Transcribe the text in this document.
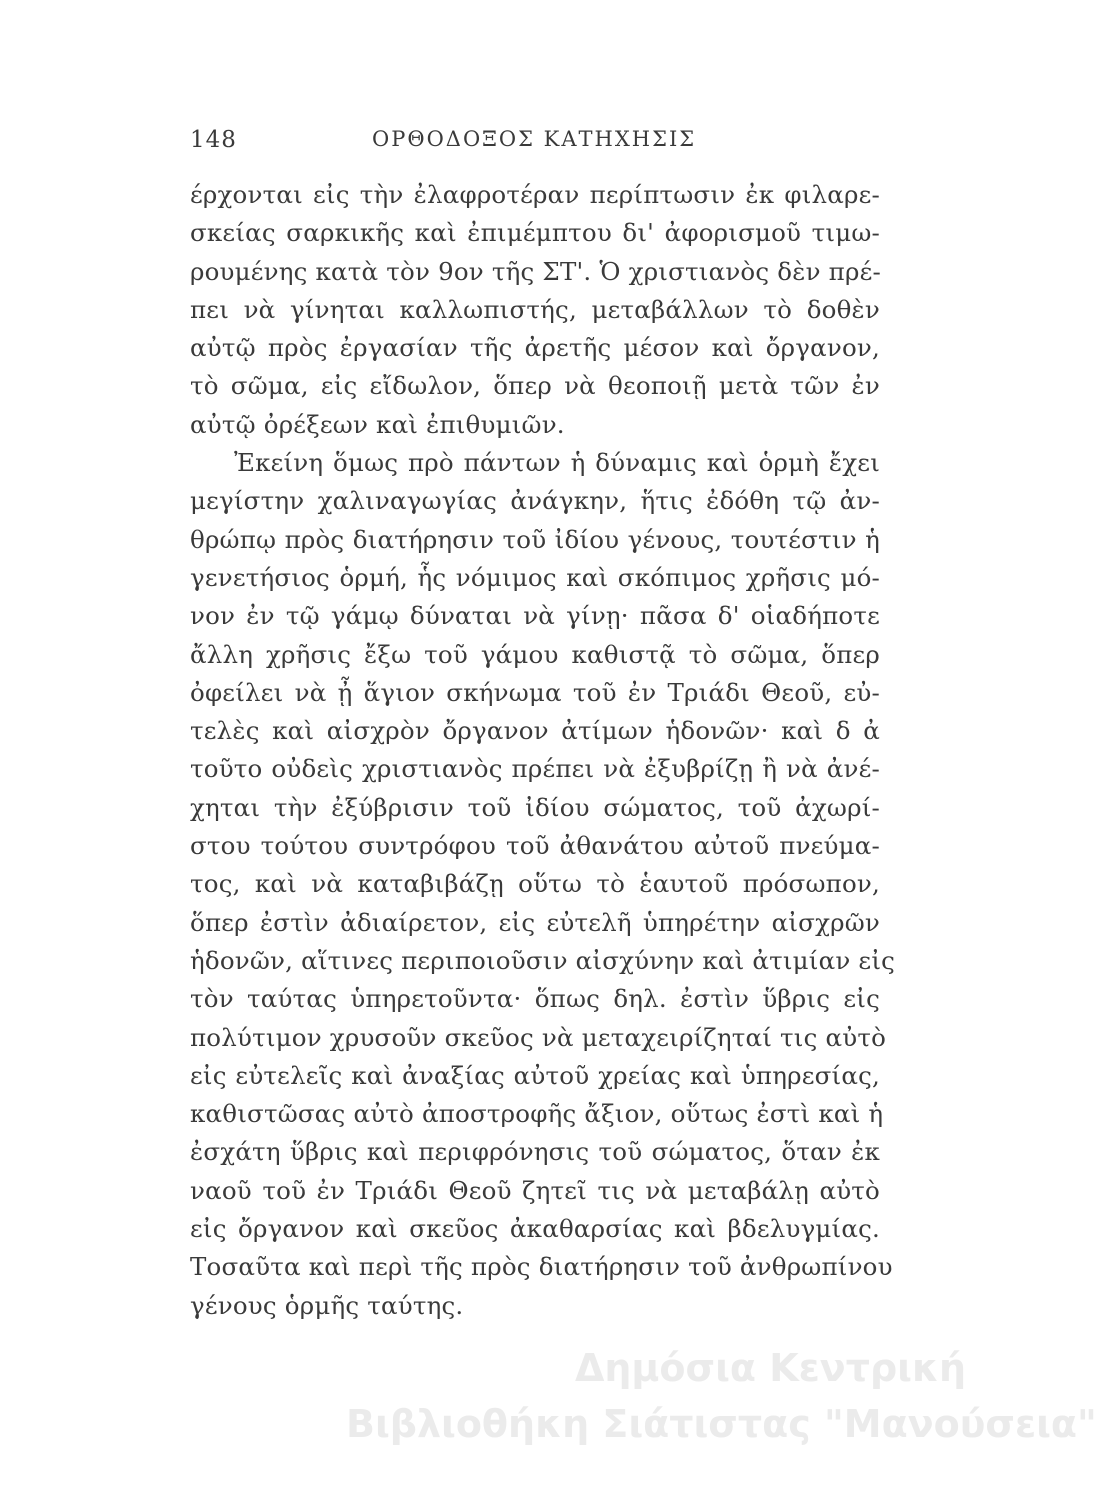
148	ΟΡΘΟΔΟΞΟΣ ΚΑΤΗΧΗΣΙΣ
έρχονται εἰς τὴν ἐλαφροτέραν περίπτωσιν ἐκ φιλαρε-
σκείας σαρκικῆς καὶ ἐπιμέμπτου δι' ἀφορισμοῦ τιμω-
ρουμένης κατὰ τὸν 9ον τῆς ΣΤ'. Ὁ χριστιανὸς δὲν πρέ-
πει νὰ γίνηται καλλωπιστής, μεταβάλλων τὸ δοθὲν
αὐτῷ πρὸς ἐργασίαν τῆς ἀρετῆς μέσον καὶ ὄργανον,
τὸ σῶμα, εἰς εἴδωλον, ὅπερ νὰ θεοποιῇ μετὰ τῶν ἐν
αὐτῷ ὀρέξεων καὶ ἐπιθυμιῶν.
Ἐκείνη ὅμως πρὸ πάντων ἡ δύναμις καὶ ὁρμὴ ἔχει
μεγίστην χαλιναγωγίας ἀνάγκην, ἥτις ἐδόθη τῷ ἀν-
θρώπῳ πρὸς διατήρησιν τοῦ ἰδίου γένους, τουτέστιν ἡ
γενετήσιος ὁρμή, ἧς νόμιμος καὶ σκόπιμος χρῆσις μό-
νον ἐν τῷ γάμῳ δύναται νὰ γίνῃ· πᾶσα δ' οἱαδήποτε
ἄλλη χρῆσις ἔξω τοῦ γάμου καθιστᾷ τὸ σῶμα, ὅπερ
ὀφείλει νὰ ᾖ ἅγιον σκήνωμα τοῦ ἐν Τριάδι Θεοῦ, εὐ-
τελὲς καὶ αἰσχρὸν ὄργανον ἀτίμων ἡδονῶν· καὶ δ ἀ
τοῦτο οὐδεὶς χριστιανὸς πρέπει νὰ ἐξυβρίζῃ ἢ νὰ ἀνέ-
χηται τὴν ἐξύβρισιν τοῦ ἰδίου σώματος, τοῦ ἀχωρί-
στου τούτου συντρόφου τοῦ ἀθανάτου αὐτοῦ πνεύμα-
τος, καὶ νὰ καταβιβάζῃ οὕτω τὸ ἑαυτοῦ πρόσωπον,
ὅπερ ἐστὶν ἀδιαίρετον, εἰς εὐτελῆ ὑπηρέτην αἰσχρῶν
ἡδονῶν, αἵτινες περιποιοῦσιν αἰσχύνην καὶ ἀτιμίαν εἰς
τὸν ταύτας ὑπηρετοῦντα· ὅπως δηλ. ἐστὶν ὕβρις εἰς
πολύτιμον χρυσοῦν σκεῦος νὰ μεταχειρίζηταί τις αὐτὸ
εἰς εὐτελεῖς καὶ ἀναξίας αὐτοῦ χρείας καὶ ὑπηρεσίας,
καθιστῶσας αὐτὸ ἀποστροφῆς ἄξιον, οὕτως ἐστὶ καὶ ἡ
ἐσχάτη ὕβρις καὶ περιφρόνησις τοῦ σώματος, ὅταν ἐκ
ναοῦ τοῦ ἐν Τριάδι Θεοῦ ζητεῖ τις νὰ μεταβάλῃ αὐτὸ
εἰς ὄργανον καὶ σκεῦος ἀκαθαρσίας καὶ βδελυγμίας.
Τοσαῦτα καὶ περὶ τῆς πρὸς διατήρησιν τοῦ ἀνθρωπίνου
γένους ὁρμῆς ταύτης.
Δημόσια Κεντρική
Βιβλιοθήκη Σιάτιστας "Μανούσεια"
